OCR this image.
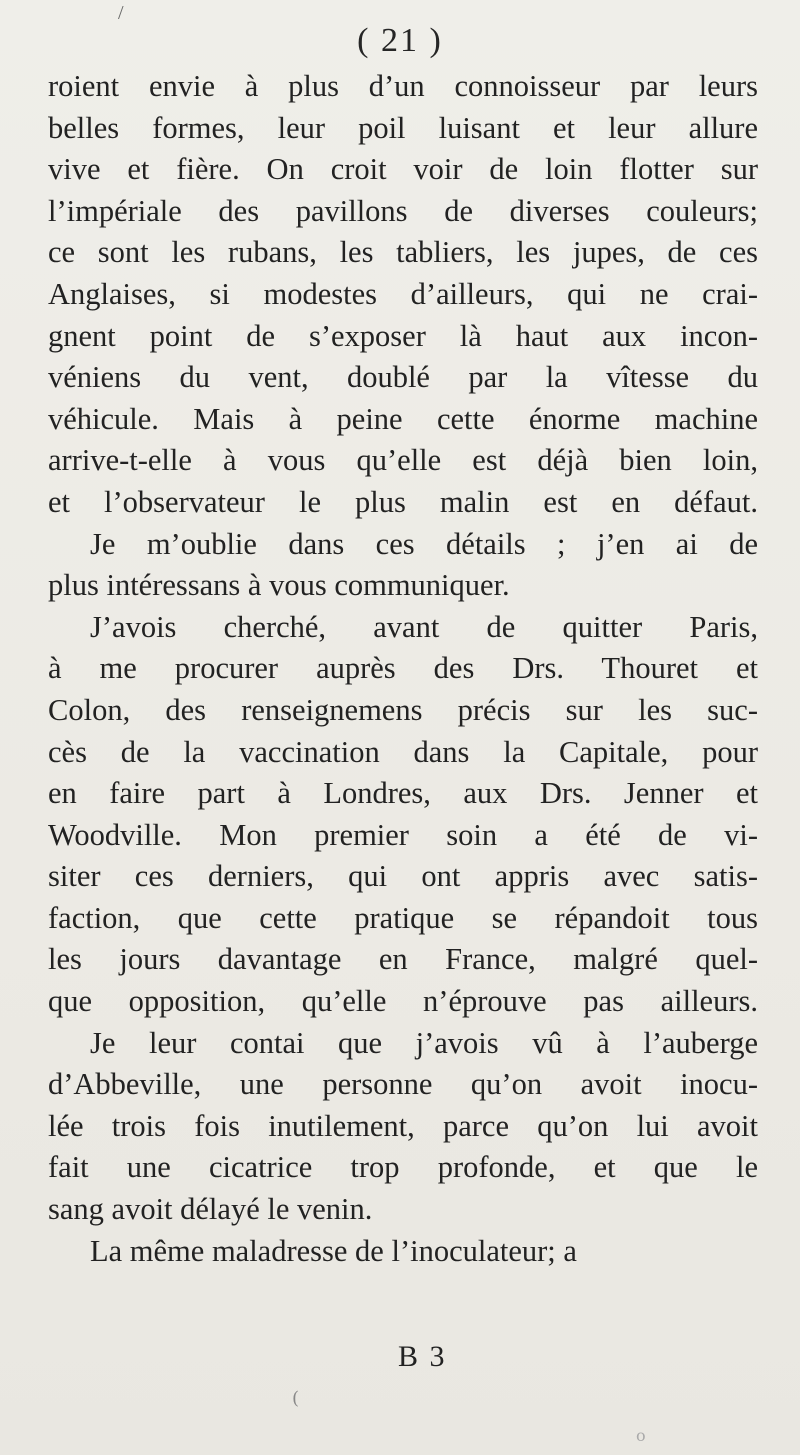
/
( 21 )
roient envie à plus d’un connoisseur par leurs
belles formes, leur poil luisant et leur allure
vive et fière. On croit voir de loin flotter sur
l’impériale des pavillons de diverses couleurs;
ce sont les rubans, les tabliers, les jupes, de ces
Anglaises, si modestes d’ailleurs, qui ne crai-
gnent point de s’exposer là haut aux incon-
véniens du vent, doublé par la vîtesse du
véhicule. Mais à peine cette énorme machine
arrive-t-elle à vous qu’elle est déjà bien loin,
et l’observateur le plus malin est en défaut.
Je m’oublie dans ces détails ; j’en ai de
plus intéressans à vous communiquer.
J’avois cherché, avant de quitter Paris,
à me procurer auprès des Drs. Thouret et
Colon, des renseignemens précis sur les suc-
cès de la vaccination dans la Capitale, pour
en faire part à Londres, aux Drs. Jenner et
Woodville. Mon premier soin a été de vi-
siter ces derniers, qui ont appris avec satis-
faction, que cette pratique se répandoit tous
les jours davantage en France, malgré quel-
que opposition, qu’elle n’éprouve pas ailleurs.
Je leur contai que j’avois vû à l’auberge
d’Abbeville, une personne qu’on avoit inocu-
lée trois fois inutilement, parce qu’on lui avoit
fait une cicatrice trop profonde, et que le
sang avoit délayé le venin.
La même maladresse de l’inoculateur; a
B 3
(
o
